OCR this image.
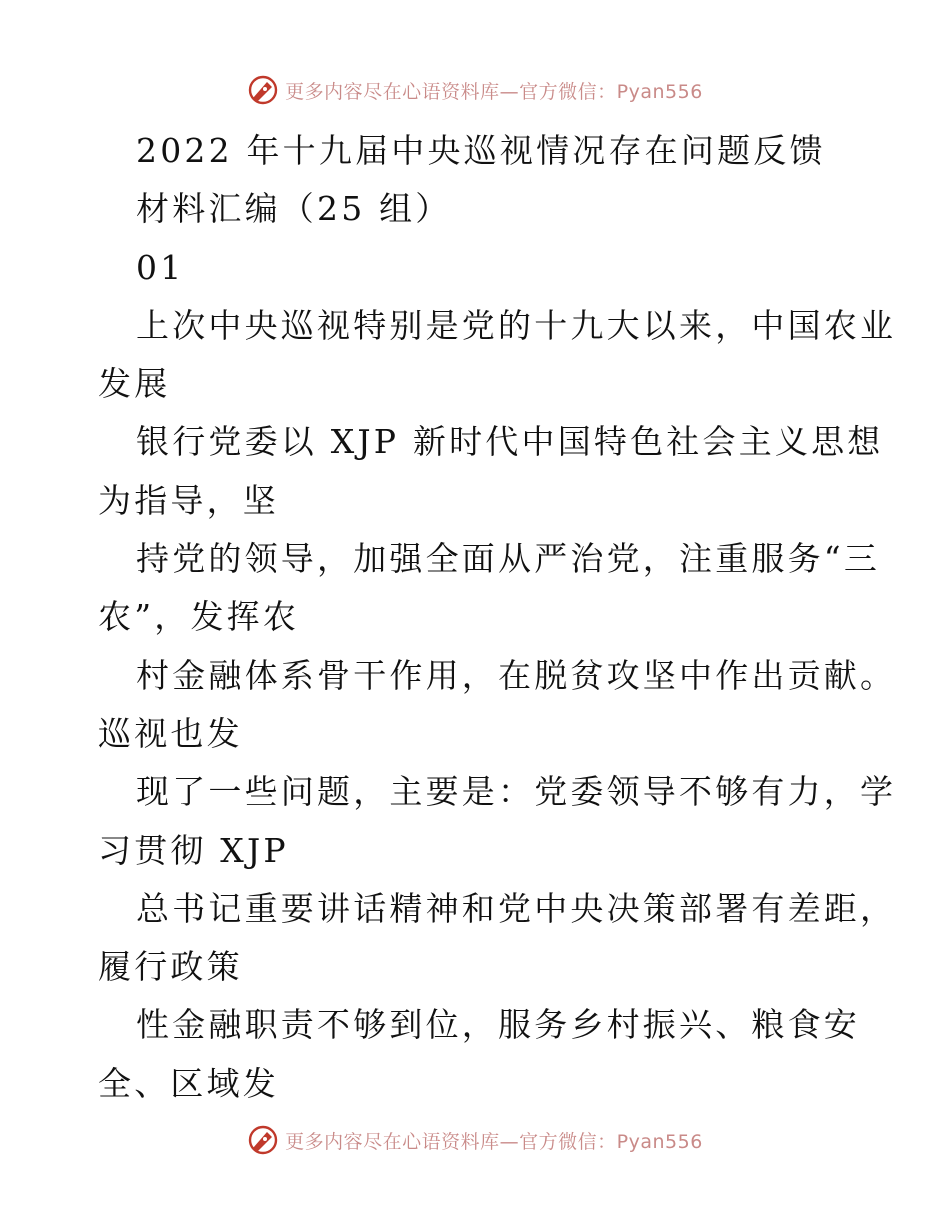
更多内容尽在心语资料库—官方微信：Pyan556
2022 年十九届中央巡视情况存在问题反馈
材料汇编（25 组）
01
上次中央巡视特别是党的十九大以来，中国农业
发展
银行党委以 XJP 新时代中国特色社会主义思想
为指导，坚
持党的领导，加强全面从严治党，注重服务“三
农”，发挥农
村金融体系骨干作用，在脱贫攻坚中作出贡献。
巡视也发
现了一些问题，主要是：党委领导不够有力，学
习贯彻 XJP
总书记重要讲话精神和党中央决策部署有差距，
履行政策
性金融职责不够到位，服务乡村振兴、粮食安
全、区域发
更多内容尽在心语资料库—官方微信：Pyan556
